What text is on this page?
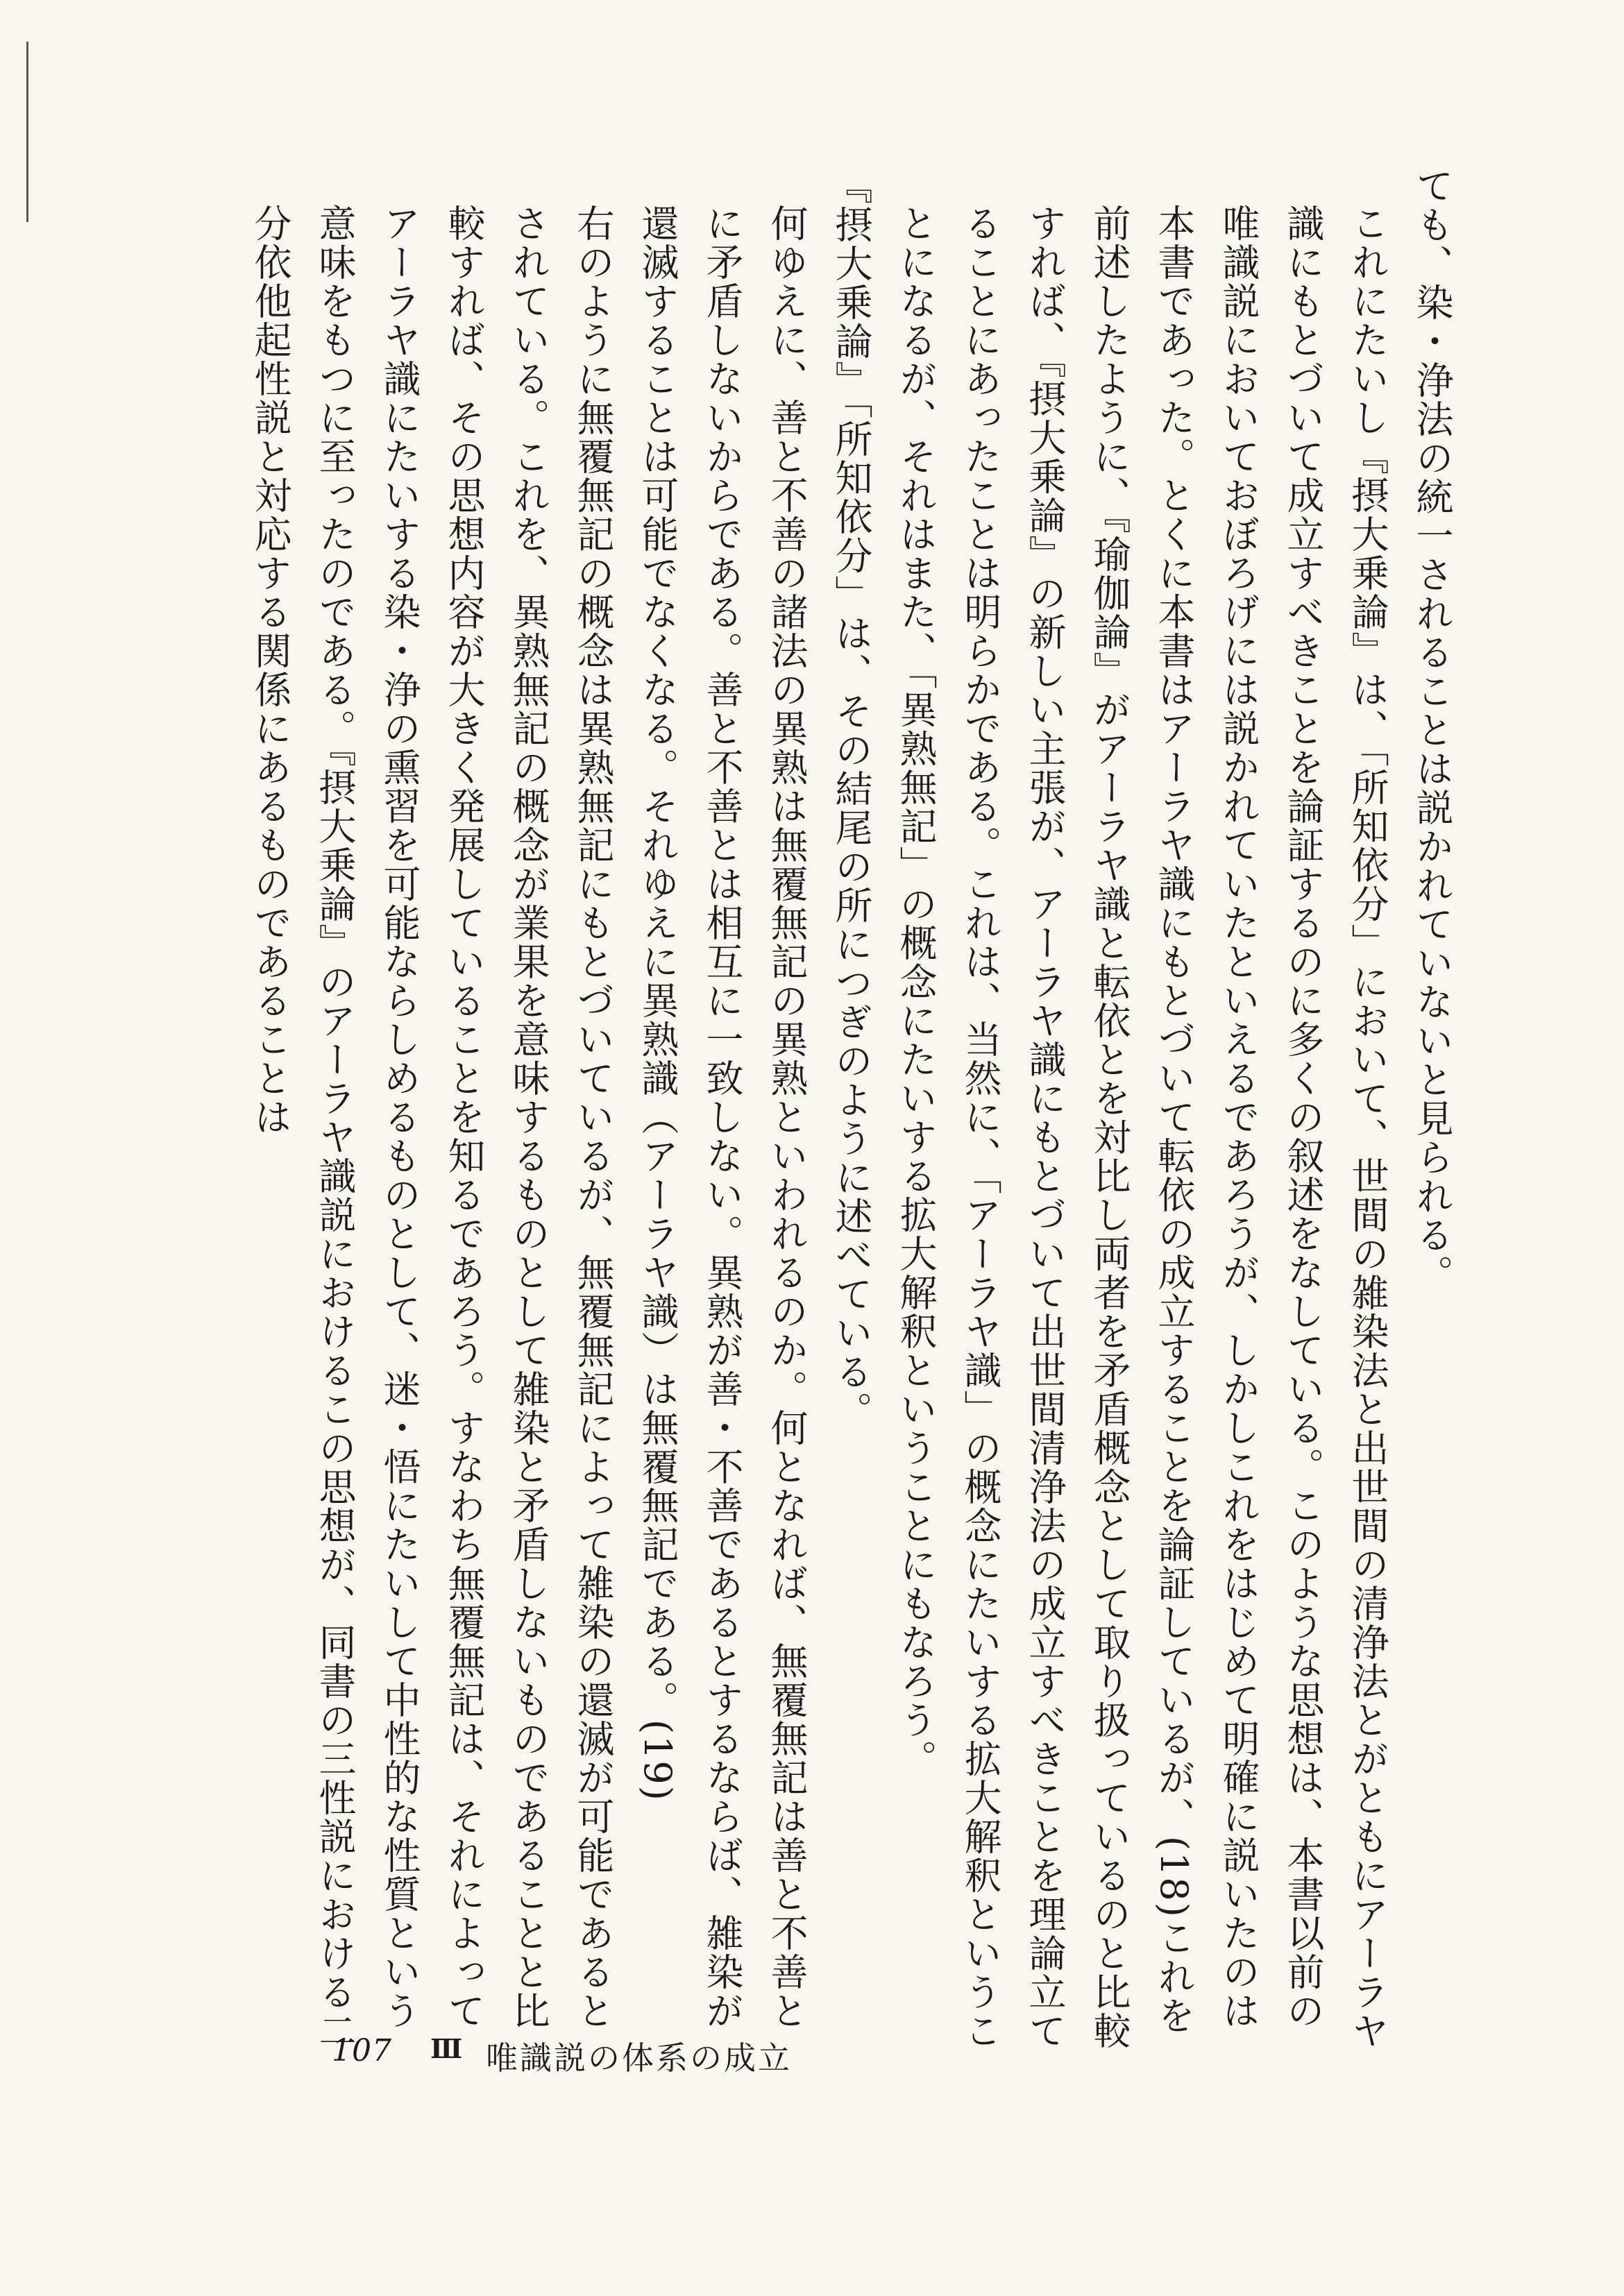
ても、染・浄法の統一されることは説かれていないと見られる。

これにたいし『摂大乗論』は、「所知依分」において、世間の雑染法と出世間の清浄法とがともにアーラヤ識にもとづいて成立すべきことを論証するのに多くの叙述をなしている。このような思想は、本書以前の唯識説においておぼろげには説かれていたといえるであろうが、しかしこれをはじめて明確に説いたのは本書であった。とくに本書はアーラヤ識にもとづいて転依の成立することを論証しているが、(18)これを前述したように、『瑜伽論』がアーラヤ識と転依とを対比し両者を矛盾概念として取り扱っているのと比較すれば、『摂大乗論』の新しい主張が、アーラヤ識にもとづいて出世間清浄法の成立すべきことを理論立てることにあったことは明らかである。これは、当然に、「アーラヤ識」の概念にたいする拡大解釈ということになるが、それはまた、「異熟無記」の概念にたいする拡大解釈ということにもなろう。

『摂大乗論』「所知依分」は、その結尾の所につぎのように述べている。

何ゆえに、善と不善の諸法の異熟は無覆無記の異熟といわれるのか。何となれば、無覆無記は善と不善とに矛盾しないからである。善と不善とは相互に一致しない。異熟が善・不善であるとするならば、雑染が還滅することは可能でなくなる。それゆえに異熟識（アーラヤ識）は無覆無記である。(19)

右のように無覆無記の概念は異熟無記にもとづいているが、無覆無記によって雑染の還滅が可能であるとされている。これを、異熟無記の概念が業果を意味するものとして雑染と矛盾しないものであることと比較すれば、その思想内容が大きく発展していることを知るであろう。すなわち無覆無記は、それによってアーラヤ識にたいする染・浄の熏習を可能ならしめるものとして、迷・悟にたいして中性的な性質という意味をもつに至ったのである。『摂大乗論』のアーラヤ識説におけるこの思想が、同書の三性説における二分依他起性説と対応する関係にあるものであることは

107 Ⅲ 唯識説の体系の成立
